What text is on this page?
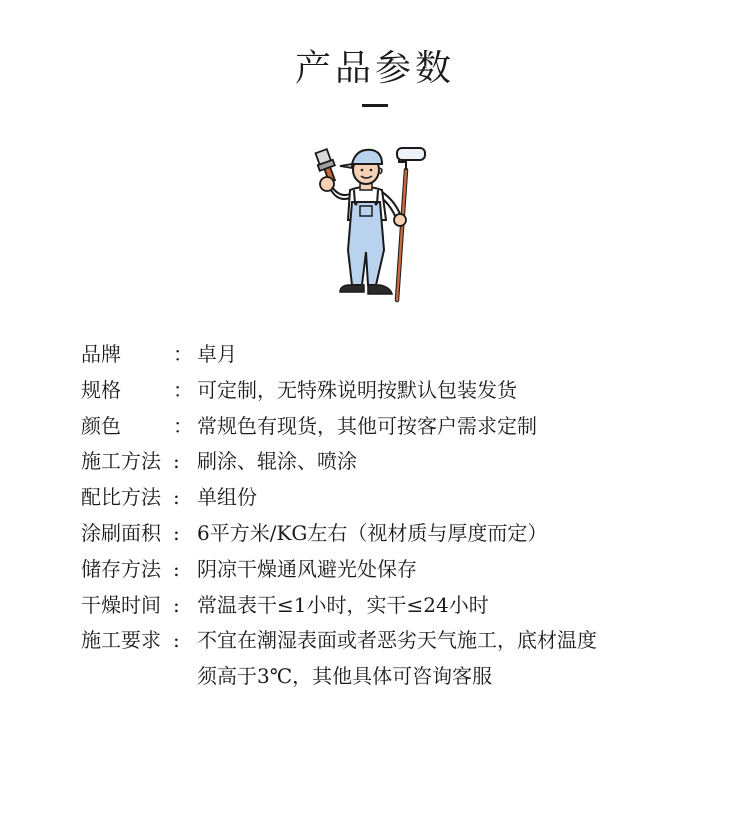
产品参数
品牌	： 卓月
规格	： 可定制，无特殊说明按默认包装发货
颜色	： 常规色有现货，其他可按客户需求定制
施工方法 : 刷涂、辊涂、喷涂
配比方法 : 单组份
涂刷面积 : 6平方米/KG左右（视材质与厚度而定）
储存方法 : 阴凉干燥通风避光处保存
干燥时间 : 常温表干≤1小时，实干≤24小时
施工要求 : 不宜在潮湿表面或者恶劣天气施工，底材温度
须高于3℃，其他具体可咨询客服
